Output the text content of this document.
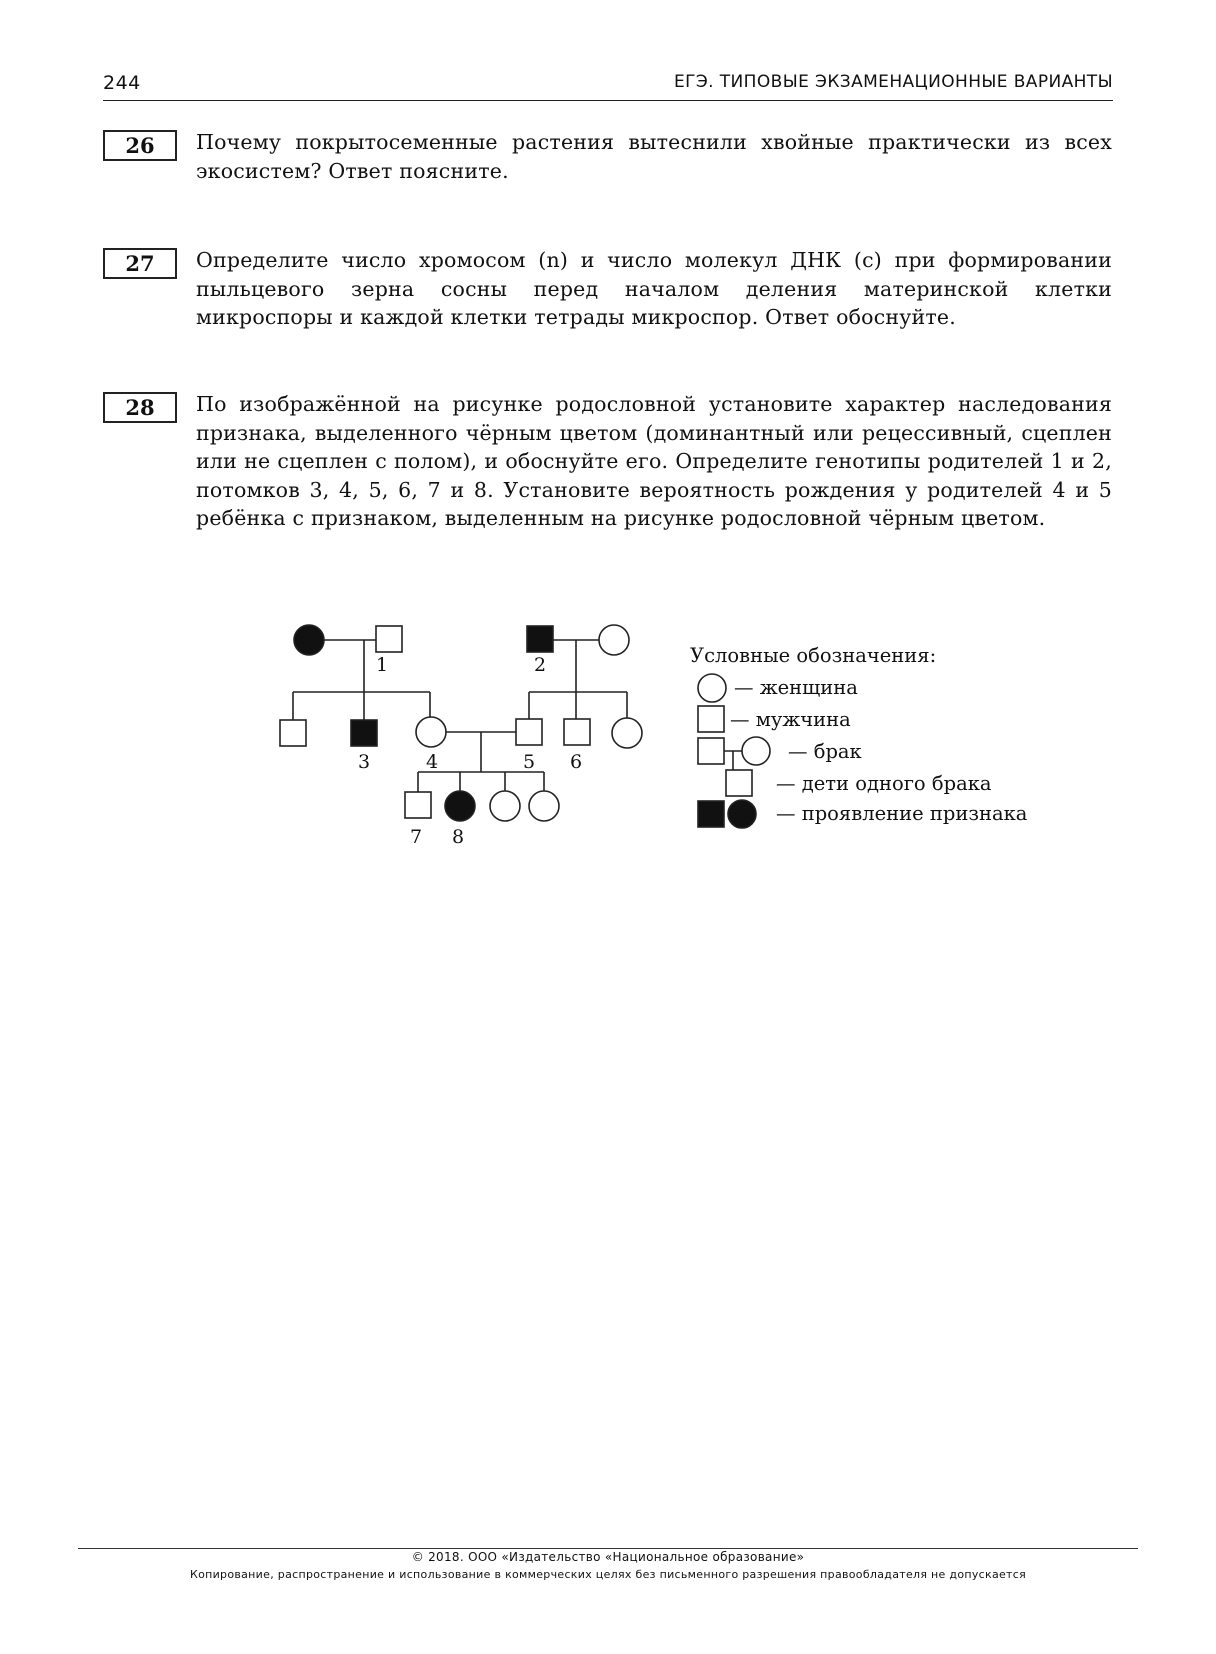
244	ЕГЭ. ТИПОВЫЕ ЭКЗАМЕНАЦИОННЫЕ ВАРИАНТЫ
26	Почему покрытосеменные растения вытеснили хвойные практически из всех экосистем? Ответ поясните.
27	Определите число хромосом (n) и число молекул ДНК (c) при формировании пыльцевого зерна сосны перед началом деления материнской клетки микроспоры и каждой клетки тетрады микроспор. Ответ обоснуйте.
28	По изображённой на рисунке родословной установите характер наследования признака, выделенного чёрным цветом (доминантный или рецессивный, сцеплен или не сцеплен с полом), и обоснуйте его. Определите генотипы родителей 1 и 2, потомков 3, 4, 5, 6, 7 и 8. Установите вероятность рождения у родителей 4 и 5 ребёнка с признаком, выделенным на рисунке родословной чёрным цветом.
1	2
3	4	5 6
7 8
Условные обозначения:
— женщина
— мужчина
— брак
— дети одного брака
— проявление признака
© 2018. ООО «Издательство «Национальное образование»
Копирование, распространение и использование в коммерческих целях без письменного разрешения правообладателя не допускается
